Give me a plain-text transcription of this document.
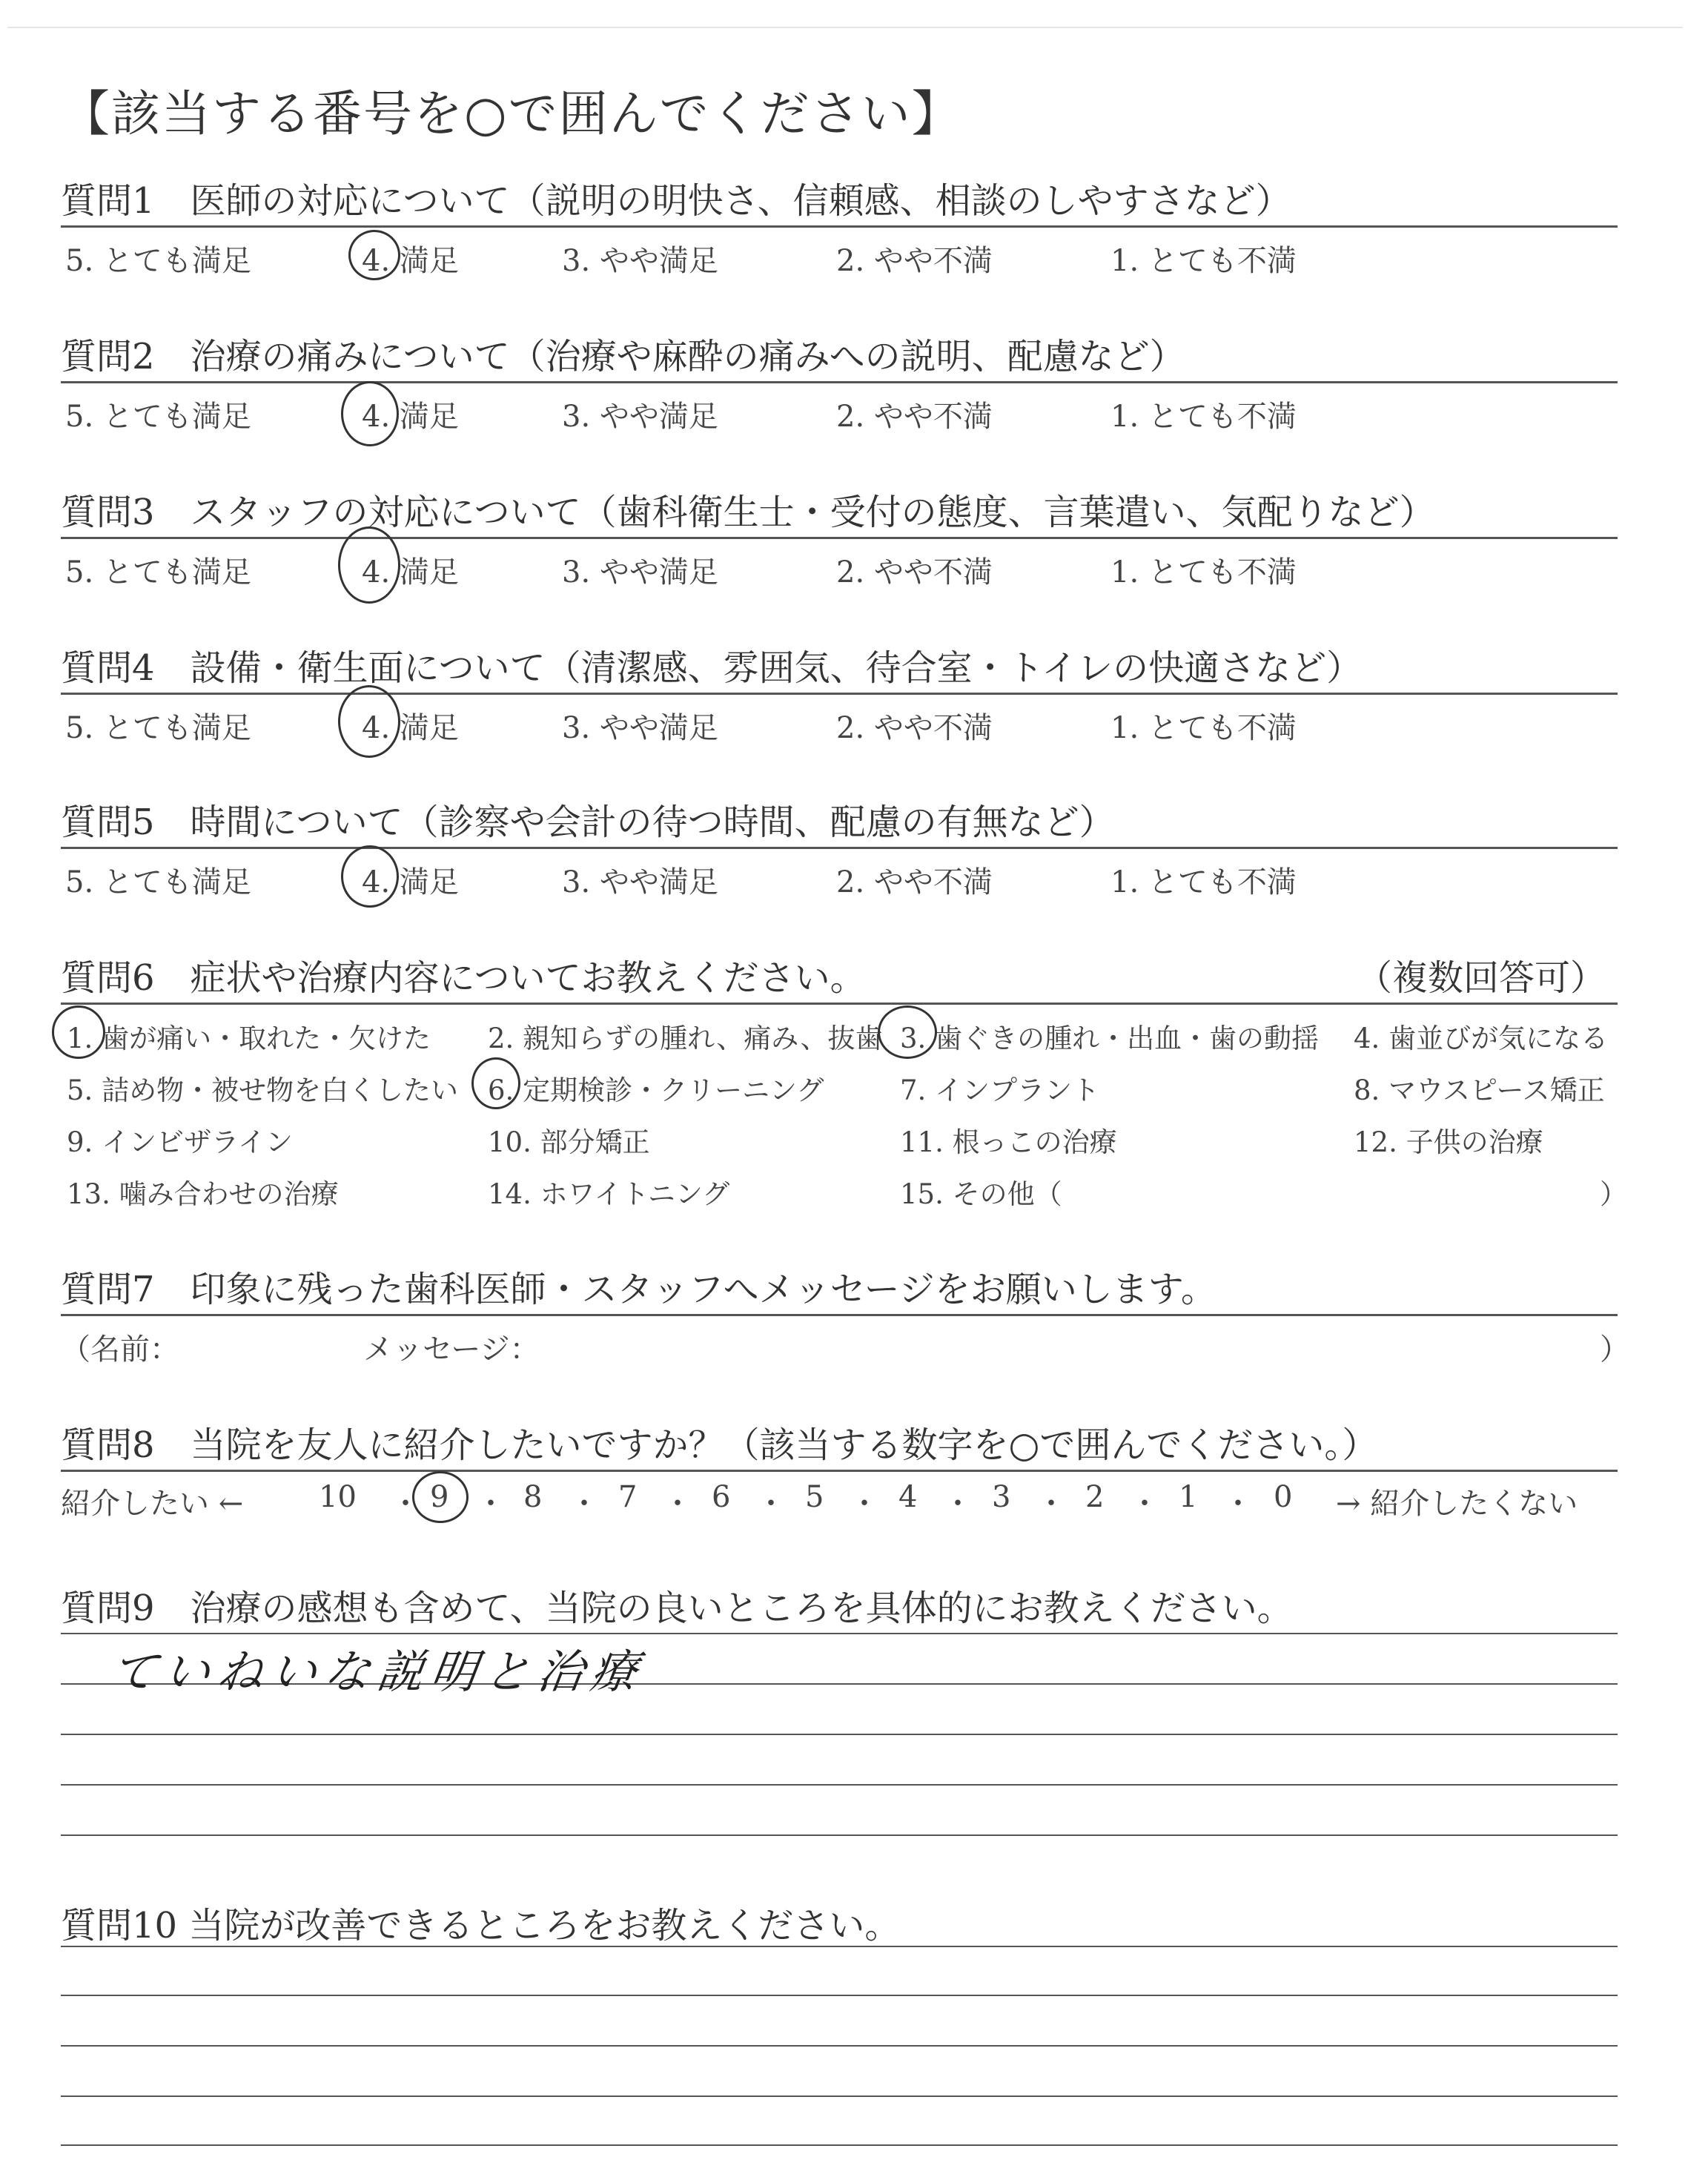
【該当する番号を○で囲んでください】
質問1　医師の対応について（説明の明快さ、信頼感、相談のしやすさなど）
5. とても満足	4. 満足	3. やや満足	2. やや不満	1. とても不満
質問2　治療の痛みについて（治療や麻酔の痛みへの説明、配慮など）
5. とても満足	4. 満足	3. やや満足	2. やや不満	1. とても不満
質問3　スタッフの対応について（歯科衛生士・受付の態度、言葉遣い、気配りなど）
5. とても満足	4. 満足	3. やや満足	2. やや不満	1. とても不満
質問4　設備・衛生面について（清潔感、雰囲気、待合室・トイレの快適さなど）
5. とても満足	4. 満足	3. やや満足	2. やや不満	1. とても不満
質問5　時間について（診察や会計の待つ時間、配慮の有無など）
5. とても満足	4. 満足	3. やや満足	2. やや不満	1. とても不満
質問6　症状や治療内容についてお教えください。	（複数回答可）
1. 歯が痛い・取れた・欠けた 2. 親知らずの腫れ、痛み、抜歯 3. 歯ぐきの腫れ・出血・歯の動揺 4. 歯並びが気になる
5. 詰め物・被せ物を白くしたい 6. 定期検診・クリーニング	7. インプラント	8. マウスピース矯正
9. インビザライン	10. 部分矯正	11. 根っこの治療	12. 子供の治療
13. 噛み合わせの治療	14. ホワイトニング	15. その他（	）
質問7　印象に残った歯科医師・スタッフへメッセージをお願いします。
（名前：	メッセージ：	）
質問8　当院を友人に紹介したいですか？（該当する数字を○で囲んでください。）
紹介したい ←	10 ・ 9 ・ 8 ・ 7 ・ 6 ・ 5 ・ 4 ・ 3 ・ 2 ・ 1 ・ 0 → 紹介したくない
質問9　治療の感想も含めて、当院の良いところを具体的にお教えください。
ていねいな説明と治療
質問10 当院が改善できるところをお教えください。
